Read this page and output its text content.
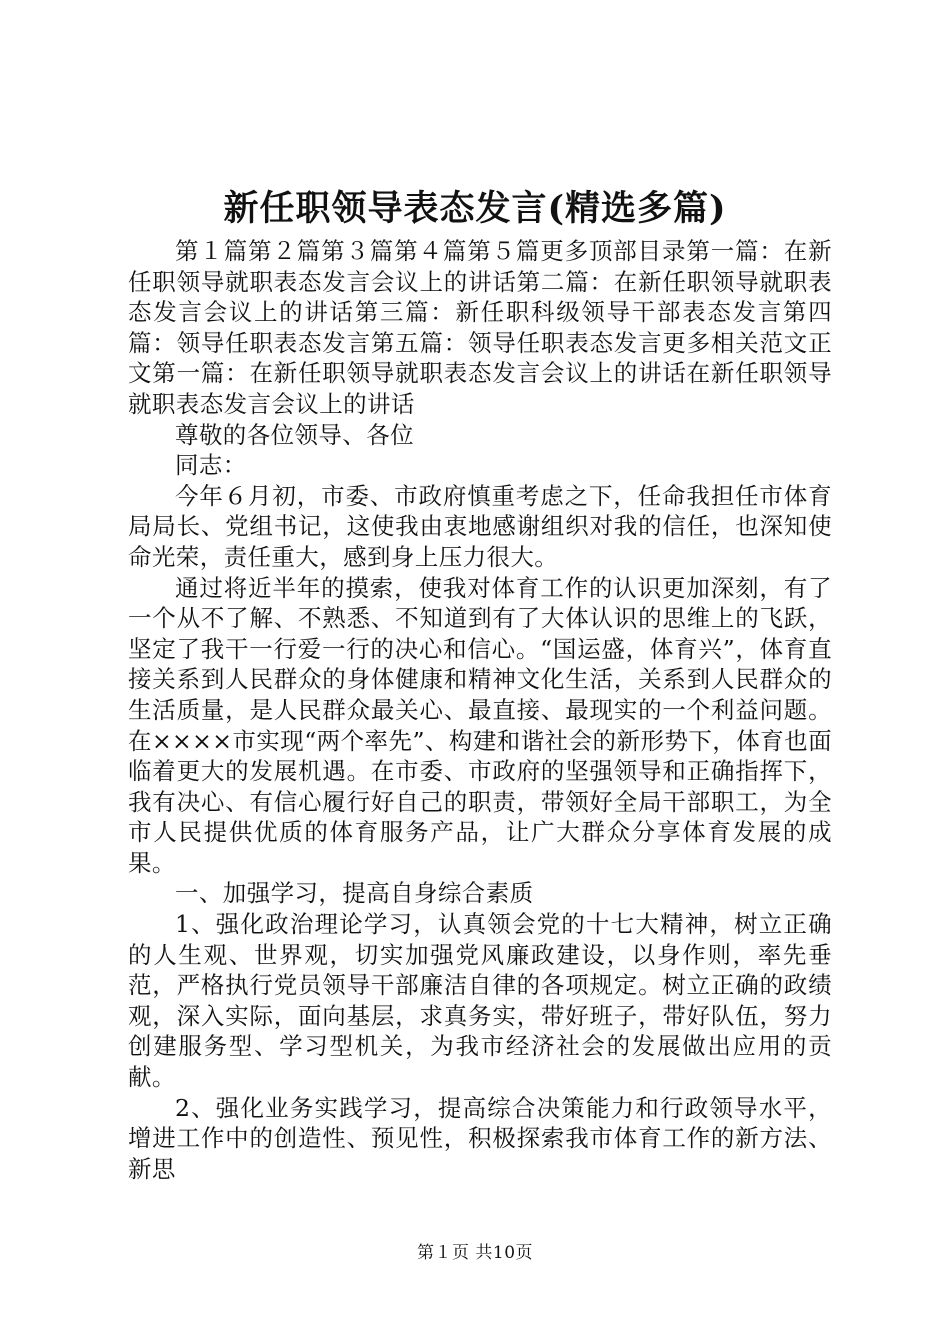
新任职领导表态发言(精选多篇)

第１篇第２篇第３篇第４篇第５篇更多顶部目录第一篇：在新任职领导就职表态发言会议上的讲话第二篇：在新任职领导就职表态发言会议上的讲话第三篇：新任职科级领导干部表态发言第四篇：领导任职表态发言第五篇：领导任职表态发言更多相关范文正文第一篇：在新任职领导就职表态发言会议上的讲话在新任职领导就职表态发言会议上的讲话

尊敬的各位领导、各位

同志：

今年６月初，市委、市政府慎重考虑之下，任命我担任市体育局局长、党组书记，这使我由衷地感谢组织对我的信任，也深知使命光荣，责任重大，感到身上压力很大。

通过将近半年的摸索，使我对体育工作的认识更加深刻，有了一个从不了解、不熟悉、不知道到有了大体认识的思维上的飞跃，坚定了我干一行爱一行的决心和信心。“国运盛，体育兴”，体育直接关系到人民群众的身体健康和精神文化生活，关系到人民群众的生活质量，是人民群众最关心、最直接、最现实的一个利益问题。在××××市实现“两个率先”、构建和谐社会的新形势下，体育也面临着更大的发展机遇。在市委、市政府的坚强领导和正确指挥下，我有决心、有信心履行好自己的职责，带领好全局干部职工，为全市人民提供优质的体育服务产品，让广大群众分享体育发展的成果。

一、加强学习，提高自身综合素质

1、强化政治理论学习，认真领会党的十七大精神，树立正确的人生观、世界观，切实加强党风廉政建设，以身作则，率先垂范，严格执行党员领导干部廉洁自律的各项规定。树立正确的政绩观，深入实际，面向基层，求真务实，带好班子，带好队伍，努力创建服务型、学习型机关，为我市经济社会的发展做出应用的贡献。

2、强化业务实践学习，提高综合决策能力和行政领导水平，增进工作中的创造性、预见性，积极探索我市体育工作的新方法、新思

第１页 共10页
